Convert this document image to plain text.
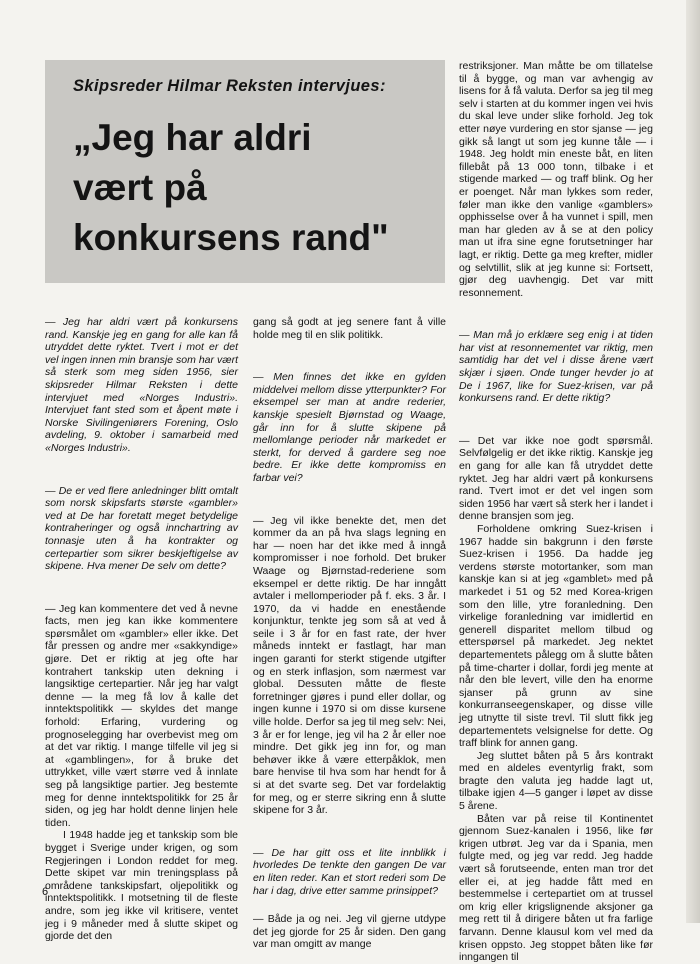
Skipsreder Hilmar Reksten intervjues:
„Jeg har aldri
vært på
konkursens rand"

— Jeg har aldri vært på konkursens rand. Kanskje jeg en gang for alle kan få utryddet dette ryktet. Tvert i mot er det vel ingen innen min bransje som har vært så sterk som meg siden 1956, sier skipsreder Hilmar Reksten i dette intervjuet med «Norges Industri». Intervjuet fant sted som et åpent møte i Norske Sivilingeniørers Forening, Oslo avdeling, 9. oktober i samarbeid med «Norges Industri».

— De er ved flere anledninger blitt omtalt som norsk skipsfarts største «gambler» ved at De har foretatt meget betydelige kontraheringer og også innchartring av tonnasje uten å ha kontrakter og certepartier som sikrer beskjeftigelse av skipene. Hva mener De selv om dette?

— Jeg kan kommentere det ved å nevne facts, men jeg kan ikke kommentere spørsmålet om «gambler» eller ikke. Det får pressen og andre mer «sakkyndige» gjøre. Det er riktig at jeg ofte har kontrahert tankskip uten dekning i langsiktige certepartier. Når jeg har valgt denne — la meg få lov å kalle det inntektspolitikk — skyldes det mange forhold: Erfaring, vurdering og prognoselegging har overbevist meg om at det var riktig. I mange tilfelle vil jeg si at «gamblingen», for å bruke det uttrykket, ville vært større ved å innlate seg på langsiktige partier. Jeg bestemte meg for denne inntektspolitikk for 25 år siden, og jeg har holdt denne linjen hele tiden.

I 1948 hadde jeg et tankskip som ble bygget i Sverige under krigen, og som Regjeringen i London reddet for meg. Dette skipet var min treningsplass på områdene tankskipsfart, oljepolitikk og inntektspolitikk. I motsetning til de fleste andre, som jeg ikke vil kritisere, ventet jeg i 9 måneder med å slutte skipet og gjorde det den

gang så godt at jeg senere fant å ville holde meg til en slik politikk.

— Men finnes det ikke en gylden middelvei mellom disse ytterpunkter? For eksempel ser man at andre rederier, kanskje spesielt Bjørnstad og Waage, går inn for å slutte skipene på mellomlange perioder når markedet er sterkt, for derved å gardere seg noe bedre. Er ikke dette kompromiss en farbar vei?

— Jeg vil ikke benekte det, men det kommer da an på hva slags legning en har — noen har det ikke med å inngå kompromisser i noe forhold. Det bruker Waage og Bjørnstad-rederiene som eksempel er dette riktig. De har inngått avtaler i mellomperioder på f. eks. 3 år. I 1970, da vi hadde en enestående konjunktur, tenkte jeg som så at ved å seile i 3 år for en fast rate, der hver måneds inntekt er fastlagt, har man ingen garanti for sterkt stigende utgifter og en sterk inflasjon, som nærmest var global. Dessuten måtte de fleste forretninger gjøres i pund eller dollar, og ingen kunne i 1970 si om disse kursene ville holde. Derfor sa jeg til meg selv: Nei, 3 år er for lenge, jeg vil ha 2 år eller noe mindre. Det gikk jeg inn for, og man behøver ikke å være etterpåklok, men bare henvise til hva som har hendt for å si at det svarte seg. Det var fordelaktig for meg, og er sterre sikring enn å slutte skipene for 3 år.

— De har gitt oss et lite innblikk i hvorledes De tenkte den gangen De var en liten reder. Kan et stort rederi som De har i dag, drive etter samme prinsippet?

— Både ja og nei. Jeg vil gjerne utdype det jeg gjorde for 25 år siden. Den gang var man omgitt av mange

restriksjoner. Man måtte be om tillatelse til å bygge, og man var avhengig av lisens for å få valuta. Derfor sa jeg til meg selv i starten at du kommer ingen vei hvis du skal leve under slike forhold. Jeg tok etter nøye vurdering en stor sjanse — jeg gikk så langt ut som jeg kunne tåle — i 1948. Jeg holdt min eneste båt, en liten fillebåt på 13 000 tonn, tilbake i et stigende marked — og traff blink. Og her er poenget. Når man lykkes som reder, føler man ikke den vanlige «gamblers» opphisselse over å ha vunnet i spill, men man har gleden av å se at den policy man ut ifra sine egne forutsetninger har lagt, er riktig. Dette ga meg krefter, midler og selvtillit, slik at jeg kunne si: Fortsett, gjør deg uavhengig. Det var mitt resonnement.

— Man må jo erklære seg enig i at tiden har vist at resonnementet var riktig, men samtidig har det vel i disse årene vært skjær i sjøen. Onde tunger hevder jo at De i 1967, like for Suez-krisen, var på konkursens rand. Er dette riktig?

— Det var ikke noe godt spørsmål. Selvfølgelig er det ikke riktig. Kanskje jeg en gang for alle kan få utryddet dette ryktet. Jeg har aldri vært på konkursens rand. Tvert imot er det vel ingen som siden 1956 har vært så sterk her i landet i denne bransjen som jeg.

Forholdene omkring Suez-krisen i 1967 hadde sin bakgrunn i den første Suez-krisen i 1956. Da hadde jeg verdens største motortanker, som man kanskje kan si at jeg «gamblet» med på markedet i 51 og 52 med Korea-krigen som den lille, ytre foranledning. Den virkelige foranledning var imidlertid en generell disparitet mellom tilbud og etterspørsel på markedet. Jeg nektet departementets pålegg om å slutte båten på time-charter i dollar, fordi jeg mente at når den ble levert, ville den ha enorme sjanser på grunn av sine konkurranseegenskaper, og disse ville jeg utnytte til siste trevl. Til slutt fikk jeg departementets velsignelse for dette. Og traff blink for annen gang.

Jeg sluttet båten på 5 års kontrakt med en aldeles eventyrlig frakt, som bragte den valuta jeg hadde lagt ut, tilbake igjen 4—5 ganger i løpet av disse 5 årene.

Båten var på reise til Kontinentet gjennom Suez-kanalen i 1956, like før krigen utbrøt. Jeg var da i Spania, men fulgte med, og jeg var redd. Jeg hadde vært så forutseende, enten man tror det eller ei, at jeg hadde fått med en bestemmelse i certepartiet om at trussel om krig eller krigslignende aksjoner ga meg rett til å dirigere båten ut fra farlige farvann. Denne klausul kom vel med da krisen oppsto. Jeg stoppet båten like før inngangen til

6
